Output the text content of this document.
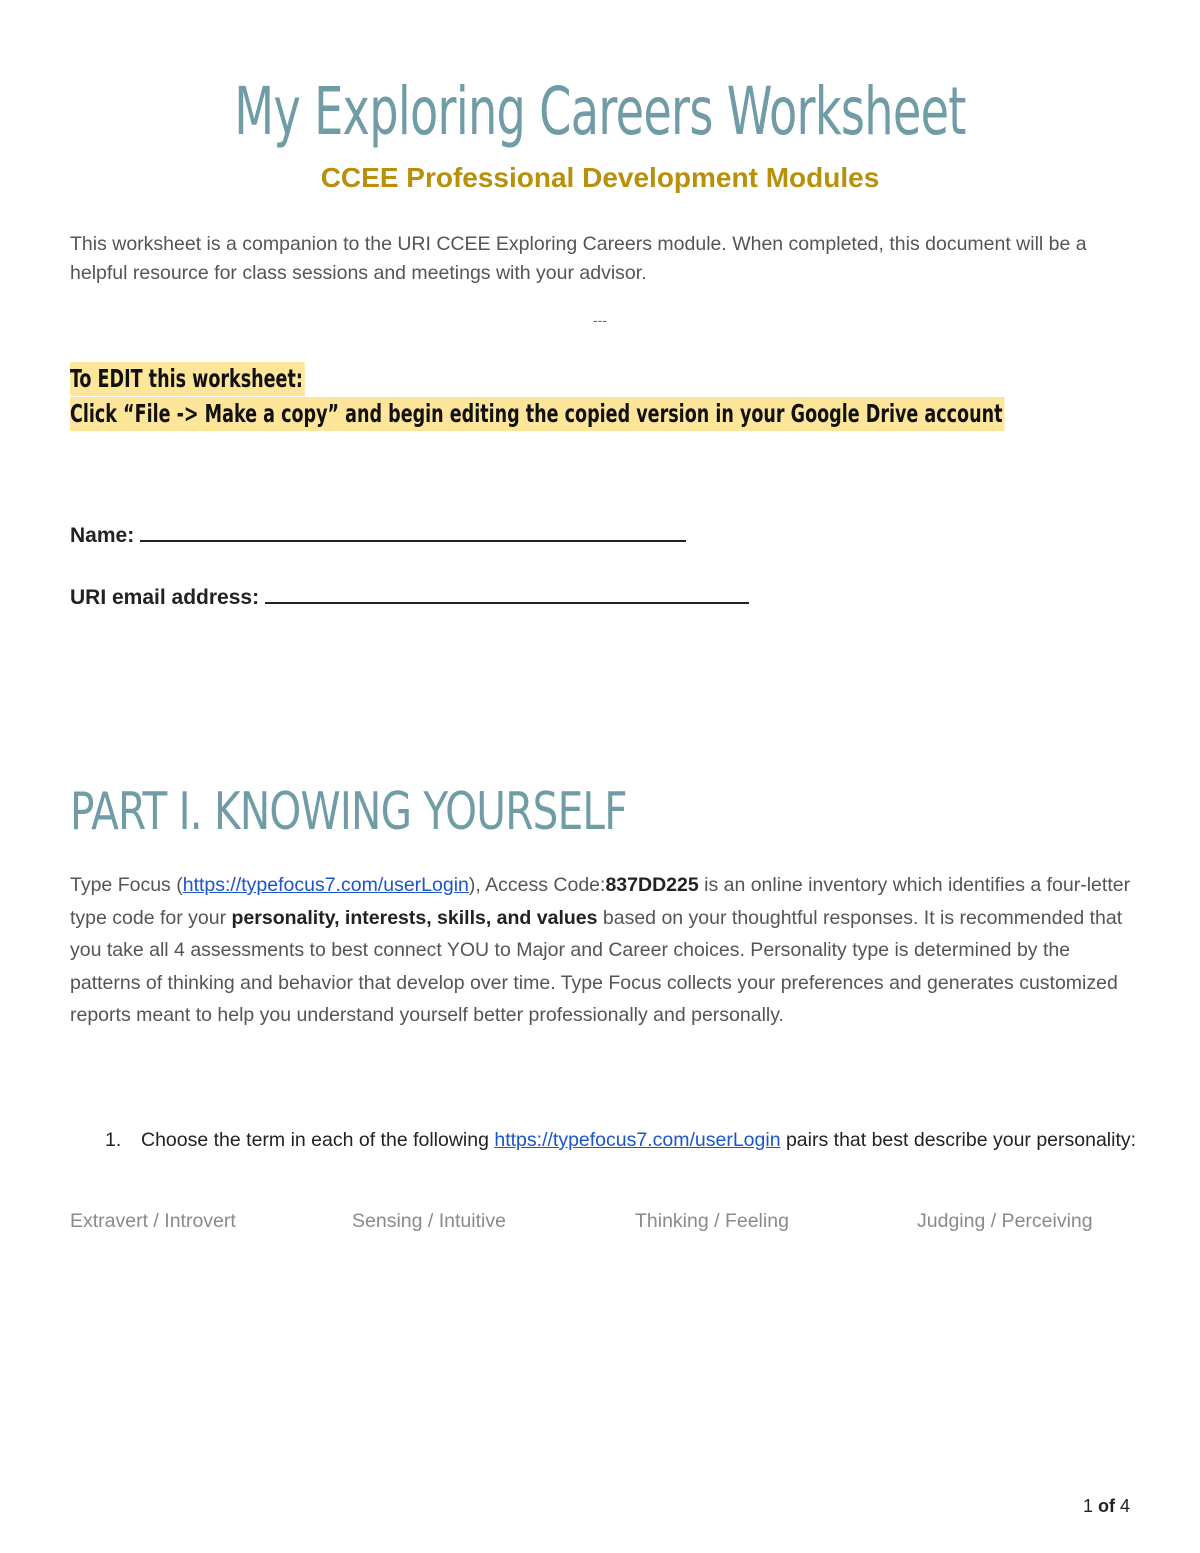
My Exploring Careers Worksheet
CCEE Professional Development Modules

This worksheet is a companion to the URI CCEE Exploring Careers module. When completed, this document will be a helpful resource for class sessions and meetings with your advisor.

---
To EDIT this worksheet:
Click “File -> Make a copy” and begin editing the copied version in your Google Drive account
Name:
URI email address:
PART I. KNOWING YOURSELF

Type Focus (https://typefocus7.com/userLogin), Access Code:837DD225 is an online inventory which identifies a four-letter type code for your personality, interests, skills, and values based on your thoughtful responses. It is recommended that you take all 4 assessments to best connect YOU to Major and Career choices. Personality type is determined by the patterns of thinking and behavior that develop over time. Type Focus collects your preferences and generates customized reports meant to help you understand yourself better professionally and personally.

1. Choose the term in each of the following https://typefocus7.com/userLogin pairs that best describe your personality:
Extravert / Introvert	Sensing / Intuitive	Thinking / Feeling	Judging / Perceiving
1 of 4
